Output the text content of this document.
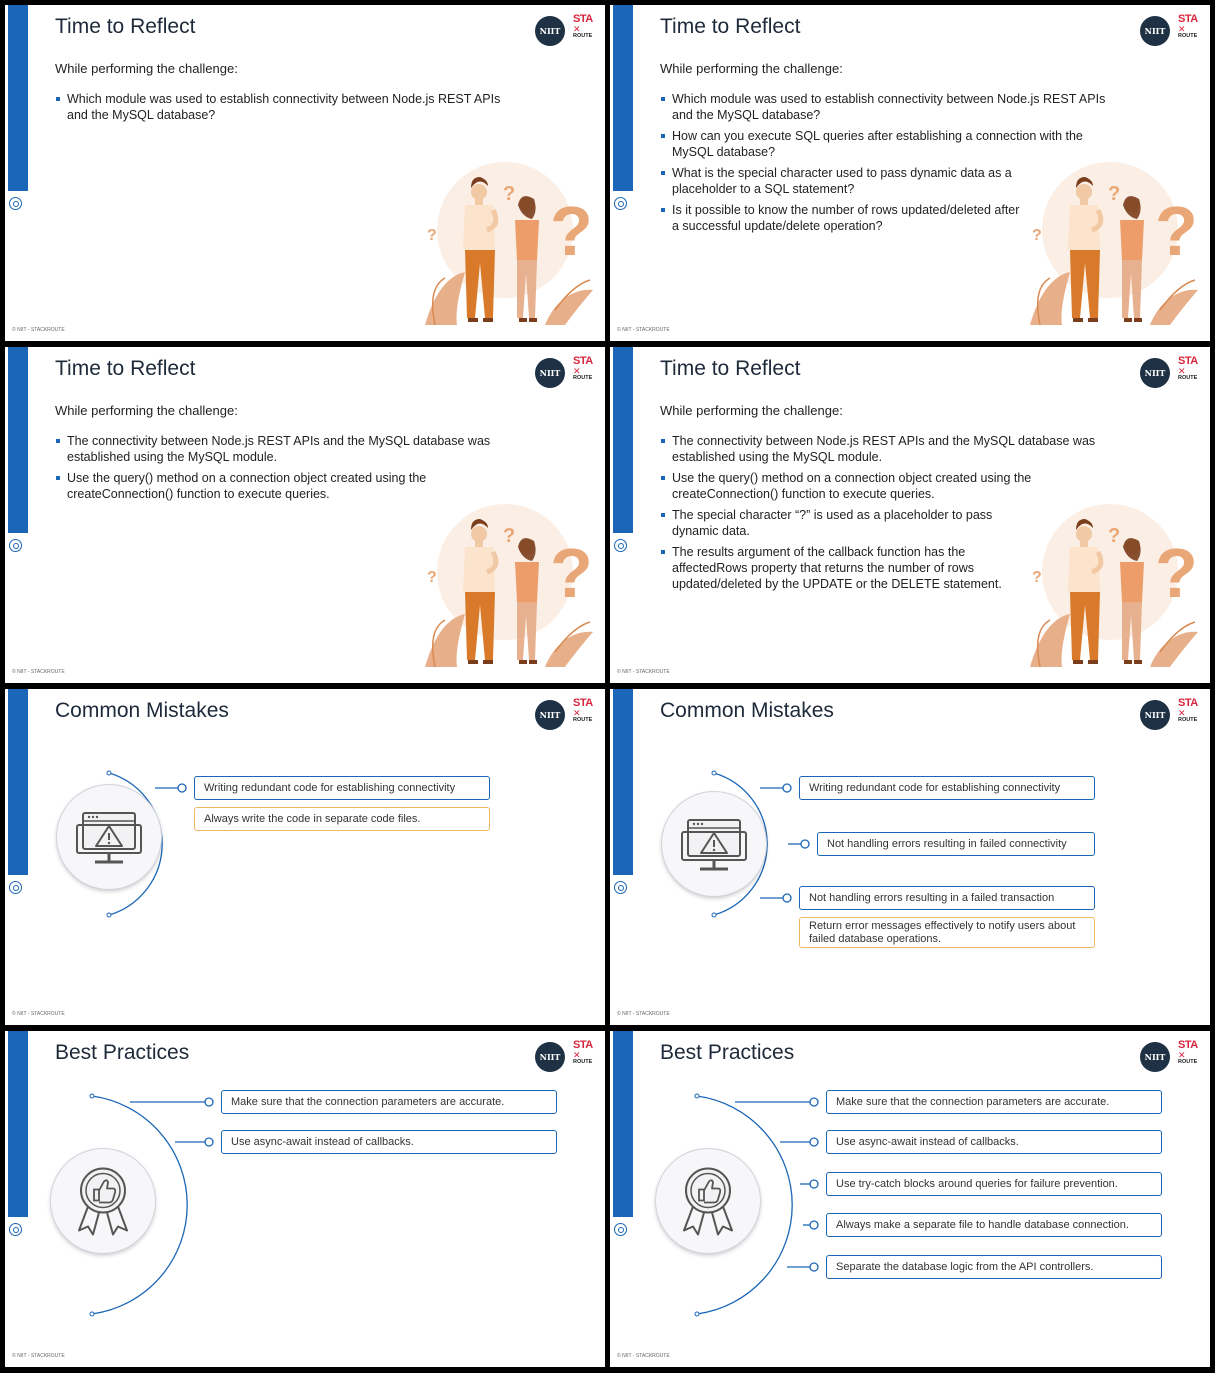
Time to Reflect	NIIT
STA
✕
ROUTE

While performing the challenge:

Which module was used to establish connectivity between Node.js REST APIs and the MySQL database?
© NIIT - STACKROUTE
Time to Reflect	NIIT
STA
✕
ROUTE

While performing the challenge:

Which module was used to establish connectivity between Node.js REST APIs and the MySQL database?
How can you execute SQL queries after establishing a connection with the MySQL database?
What is the special character used to pass dynamic data as a placeholder to a SQL statement?
Is it possible to know the number of rows updated/deleted after a successful update/delete operation?
© NIIT - STACKROUTE
Time to Reflect	NIIT
STA
✕
ROUTE

While performing the challenge:

The connectivity between Node.js REST APIs and the MySQL database was established using the MySQL module.
Use the query() method on a connection object created using the createConnection() function to execute queries.
© NIIT - STACKROUTE
Time to Reflect	NIIT
STA
✕
ROUTE

While performing the challenge:

The connectivity between Node.js REST APIs and the MySQL database was established using the MySQL module.
Use the query() method on a connection object created using the createConnection() function to execute queries.
The special character “?” is used as a placeholder to pass dynamic data.
The results argument of the callback function has the affectedRows property that returns the number of rows updated/deleted by the UPDATE or the DELETE statement.
© NIIT - STACKROUTE
Common Mistakes	NIIT
STA
✕
ROUTE
Writing redundant code for establishing connectivity
Always write the code in separate code files.
© NIIT - STACKROUTE
Common Mistakes	NIIT
STA
✕
ROUTE
Writing redundant code for establishing connectivity
Not handling errors resulting in failed connectivity
Not handling errors resulting in a failed transaction
Return error messages effectively to notify users about failed database operations.
© NIIT - STACKROUTE
Best Practices	NIIT
STA
✕
ROUTE
Make sure that the connection parameters are accurate.
Use async-await instead of callbacks.
© NIIT - STACKROUTE
Best Practices	NIIT
STA
✕
ROUTE
Make sure that the connection parameters are accurate.
Use async-await instead of callbacks.
Use try-catch blocks around queries for failure prevention.
Always make a separate file to handle database connection.
Separate the database logic from the API controllers.
© NIIT - STACKROUTE
